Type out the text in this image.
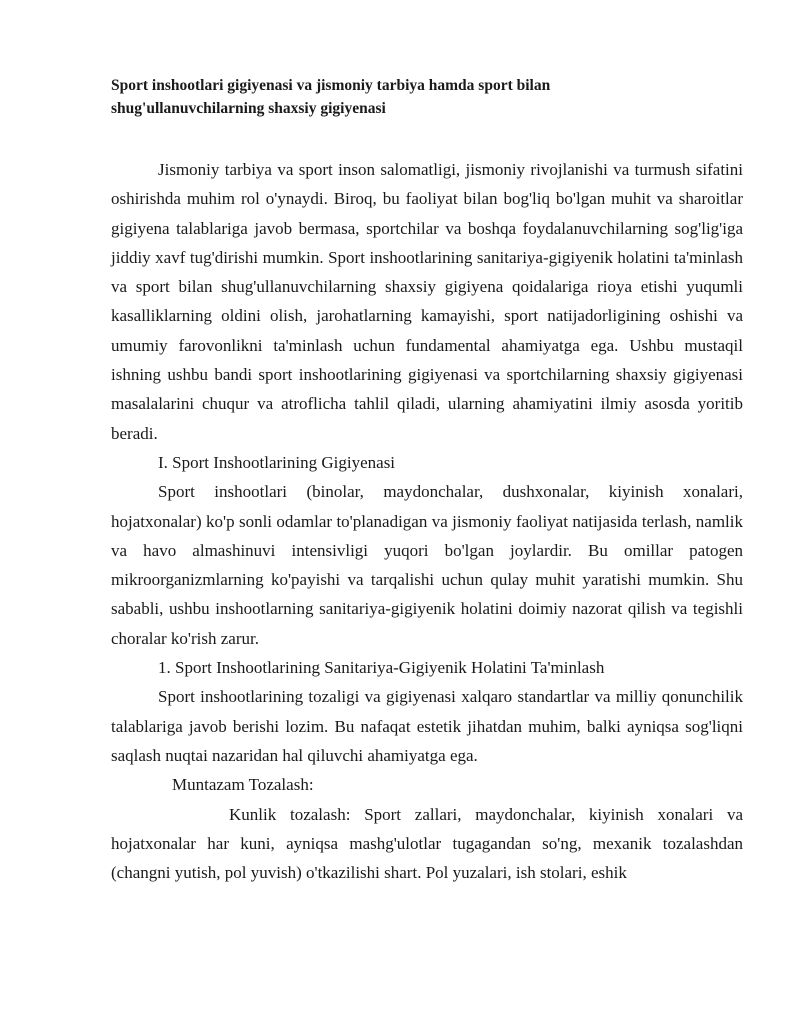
Sport inshootlari gigiyenasi va jismoniy tarbiya hamda sport bilan
shug'ullanuvchilarning shaxsiy gigiyenasi

Jismoniy tarbiya va sport inson salomatligi, jismoniy rivojlanishi va turmush sifatini oshirishda muhim rol o'ynaydi. Biroq, bu faoliyat bilan bog'liq bo'lgan muhit va sharoitlar gigiyena talablariga javob bermasa, sportchilar va boshqa foydalanuvchilarning sog'lig'iga jiddiy xavf tug'dirishi mumkin. Sport inshootlarining sanitariya-gigiyenik holatini ta'minlash va sport bilan shug'ullanuvchilarning shaxsiy gigiyena qoidalariga rioya etishi yuqumli kasalliklarning oldini olish, jarohatlarning kamayishi, sport natijadorligining oshishi va umumiy farovonlikni ta'minlash uchun fundamental ahamiyatga ega. Ushbu mustaqil ishning ushbu bandi sport inshootlarining gigiyenasi va sportchilarning shaxsiy gigiyenasi masalalarini chuqur va atroflicha tahlil qiladi, ularning ahamiyatini ilmiy asosda yoritib beradi.

I. Sport Inshootlarining Gigiyenasi

Sport inshootlari (binolar, maydonchalar, dushxonalar, kiyinish xonalari, hojatxonalar) ko'p sonli odamlar to'planadigan va jismoniy faoliyat natijasida terlash, namlik va havo almashinuvi intensivligi yuqori bo'lgan joylardir. Bu omillar patogen mikroorganizmlarning ko'payishi va tarqalishi uchun qulay muhit yaratishi mumkin. Shu sababli, ushbu inshootlarning sanitariya-gigiyenik holatini doimiy nazorat qilish va tegishli choralar ko'rish zarur.

1. Sport Inshootlarining Sanitariya-Gigiyenik Holatini Ta'minlash

Sport inshootlarining tozaligi va gigiyenasi xalqaro standartlar va milliy qonunchilik talablariga javob berishi lozim. Bu nafaqat estetik jihatdan muhim, balki ayniqsa sog'liqni saqlash nuqtai nazaridan hal qiluvchi ahamiyatga ega.

Muntazam Tozalash:

Kunlik tozalash: Sport zallari, maydonchalar, kiyinish xonalari va hojatxonalar har kuni, ayniqsa mashg'ulotlar tugagandan so'ng, mexanik tozalashdan (changni yutish, pol yuvish) o'tkazilishi shart. Pol yuzalari, ish stolari, eshik
